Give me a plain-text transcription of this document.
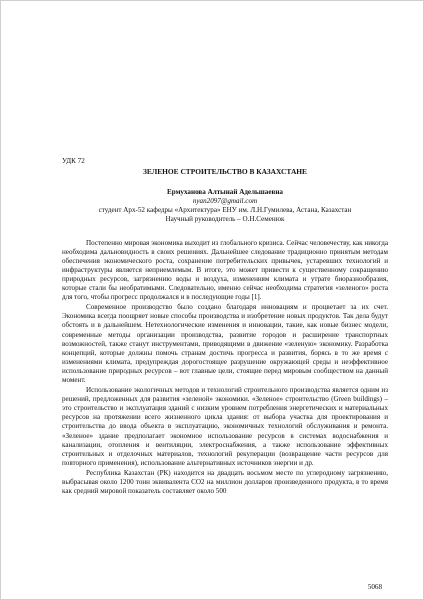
УДК 72

ЗЕЛЕНОЕ СТРОИТЕЛЬСТВО В КАЗАХСТАНЕ

Ермуханова Алтынай Адельшаевна

nyan2097@gmail.com

студент Арх-52 кафедры «Архитектура» ЕНУ им. Л.Н.Гумилева, Астана, Казахстан

Научный руководитель – О.Н.Семенюк

Постепенно мировая экономика выходит из глобального кризиса. Сейчас человечеству, как никогда необходима дальновидность в своих решениях. Дальнейшее следование традиционно принятым методам обеспечения экономического роста, сохранение потребительских привычек, устаревших технологий и инфраструктуры является неприемлемым. В итоге, это может привести к существенному сокращению природных ресурсов, загрязнению воды и воздуха, изменениям климата и утрате биоразнообразия, которые стали бы необратимыми. Следовательно, именно сейчас необходима стратегия «зеленого» роста для того, чтобы прогресс продолжался и в последующие годы [1].

Современное производство было создано благодаря инновациям и процветает за их счет. Экономика всегда поощряет новые способы производства и изобретение новых продуктов. Так дела будут обстоять и в дальнейшем. Нетехнологические изменения и инновации, такие, как новые бизнес модели, современные методы организации производства, развитие городов и расширение транспортных возможностей, также станут инструментами, приводящими в движение «зеленую» экономику. Разработка концепций, которые должны помочь странам достичь прогресса и развития, борясь в то же время с изменениями климата, предупреждая дорогостоящее разрушение окружающей среды и неэффективное использование природных ресурсов – вот главные цели, стоящие перед мировым сообществом на данный момент.

Использование экологичных методов и технологий строительного производства является одним из решений, предложенных для развития «зеленой» экономики. «Зеленое» строительство (Green buildings) – это строительство и эксплуатация зданий с низким уровнем потребления энергетических и материальных ресурсов на протяжении всего жизненного цикла здания: от выбора участка для проектирования и строительства до ввода объекта в эксплуатацию, экономичных технологий обслуживания и ремонта. «Зеленое» здание предполагает экономное использование ресурсов в системах водоснабжения и канализации, отопления и вентиляции, электроснабжения, а также использование эффективных строительных и отделочных материалов, технологий рекуперации (возвращение части ресурсов для повторного применения), использование альтернативных источников энергии и др.

Республика Казахстан (РК) находится на двадцать восьмом месте по углеродному загрязнению, выбрасывая около 1200 тонн эквивалента CO2 на миллион долларов произведенного продукта, в то время как средний мировой показатель составляет около 500

5068
